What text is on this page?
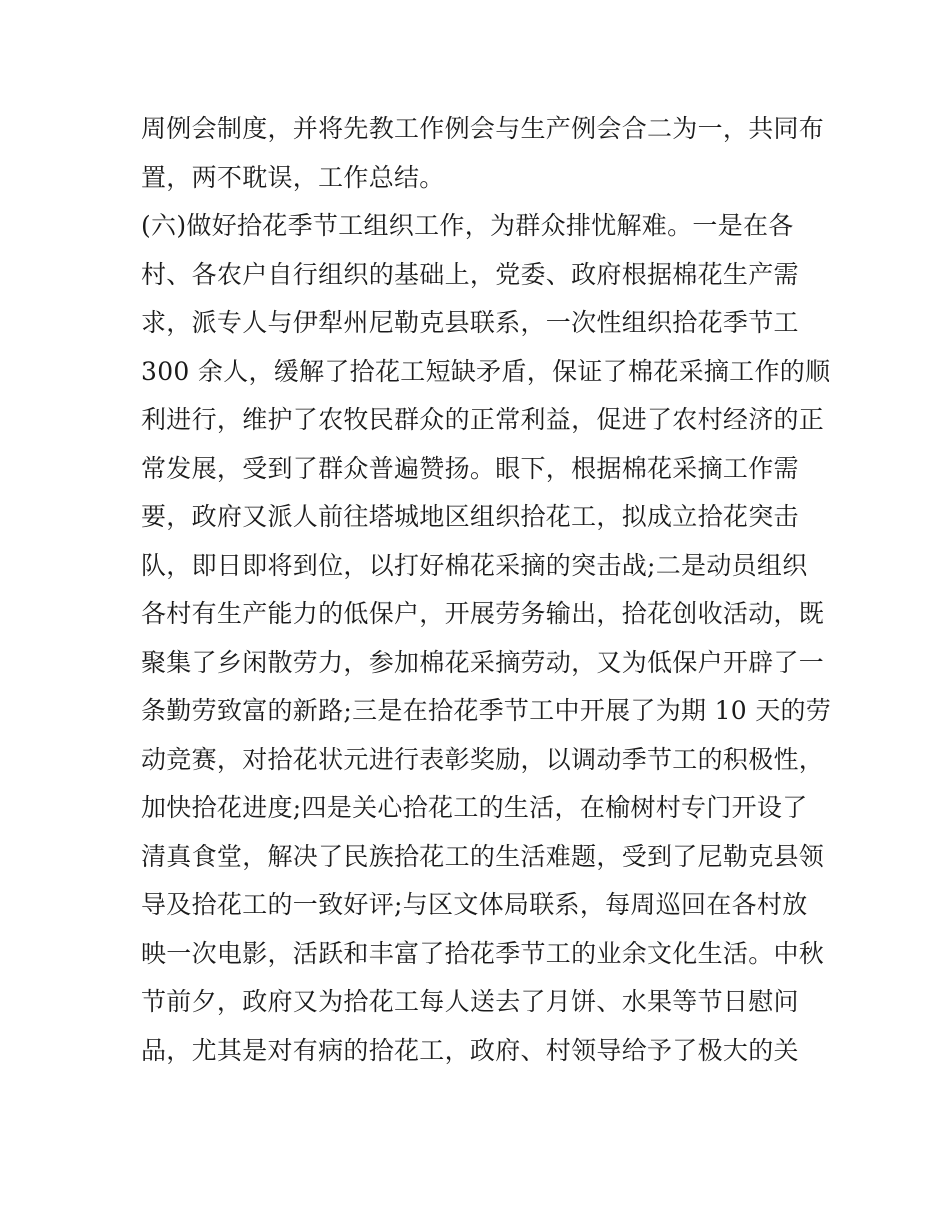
周例会制度，并将先教工作例会与生产例会合二为一，共同布
置，两不耽误，工作总结。
(六)做好拾花季节工组织工作，为群众排忧解难。一是在各
村、各农户自行组织的基础上，党委、政府根据棉花生产需
求，派专人与伊犁州尼勒克县联系，一次性组织拾花季节工
300 余人，缓解了拾花工短缺矛盾，保证了棉花采摘工作的顺
利进行，维护了农牧民群众的正常利益，促进了农村经济的正
常发展，受到了群众普遍赞扬。眼下，根据棉花采摘工作需
要，政府又派人前往塔城地区组织拾花工，拟成立拾花突击
队，即日即将到位，以打好棉花采摘的突击战;二是动员组织
各村有生产能力的低保户，开展劳务输出，拾花创收活动，既
聚集了乡闲散劳力，参加棉花采摘劳动，又为低保户开辟了一
条勤劳致富的新路;三是在拾花季节工中开展了为期 10 天的劳
动竞赛，对拾花状元进行表彰奖励，以调动季节工的积极性，
加快拾花进度;四是关心拾花工的生活，在榆树村专门开设了
清真食堂，解决了民族拾花工的生活难题，受到了尼勒克县领
导及拾花工的一致好评;与区文体局联系，每周巡回在各村放
映一次电影，活跃和丰富了拾花季节工的业余文化生活。中秋
节前夕，政府又为拾花工每人送去了月饼、水果等节日慰问
品，尤其是对有病的拾花工，政府、村领导给予了极大的关
